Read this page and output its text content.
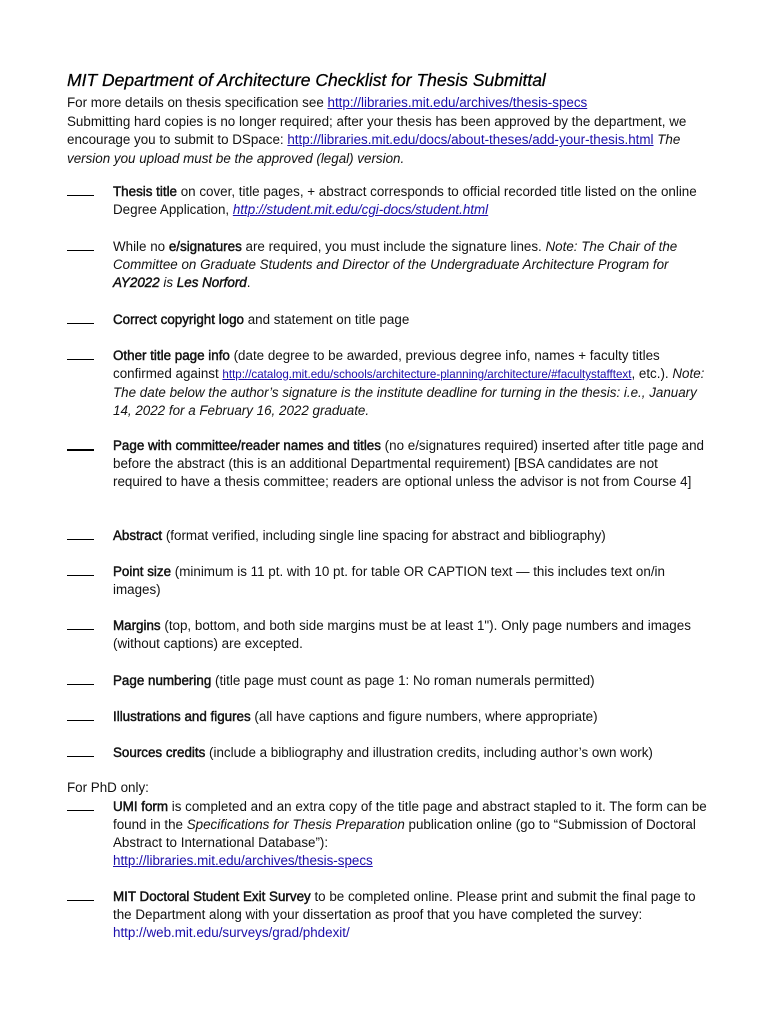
MIT Department of Architecture Checklist for Thesis Submittal
For more details on thesis specification see http://libraries.mit.edu/archives/thesis-specs
Submitting hard copies is no longer required; after your thesis has been approved by the department, we encourage you to submit to DSpace: http://libraries.mit.edu/docs/about-theses/add-your-thesis.html The version you upload must be the approved (legal) version.
Thesis title on cover, title pages, + abstract corresponds to official recorded title listed on the online Degree Application, http://student.mit.edu/cgi-docs/student.html
While no e/signatures are required, you must include the signature lines. Note: The Chair of the Committee on Graduate Students and Director of the Undergraduate Architecture Program for AY2022 is Les Norford.
Correct copyright logo and statement on title page
Other title page info (date degree to be awarded, previous degree info, names + faculty titles confirmed against http://catalog.mit.edu/schools/architecture-planning/architecture/#facultystafftext, etc.). Note: The date below the author’s signature is the institute deadline for turning in the thesis: i.e., January 14, 2022 for a February 16, 2022 graduate.
Page with committee/reader names and titles (no e/signatures required) inserted after title page and before the abstract (this is an additional Departmental requirement) [BSA candidates are not required to have a thesis committee; readers are optional unless the advisor is not from Course 4]
Abstract (format verified, including single line spacing for abstract and bibliography)
Point size (minimum is 11 pt. with 10 pt. for table OR CAPTION text — this includes text on/in images)
Margins (top, bottom, and both side margins must be at least 1"). Only page numbers and images (without captions) are excepted.
Page numbering (title page must count as page 1: No roman numerals permitted)
Illustrations and figures (all have captions and figure numbers, where appropriate)
Sources credits (include a bibliography and illustration credits, including author’s own work)
For PhD only:
UMI form is completed and an extra copy of the title page and abstract stapled to it. The form can be found in the Specifications for Thesis Preparation publication online (go to “Submission of Doctoral Abstract to International Database”):
http://libraries.mit.edu/archives/thesis-specs
MIT Doctoral Student Exit Survey to be completed online. Please print and submit the final page to the Department along with your dissertation as proof that you have completed the survey: http://web.mit.edu/surveys/grad/phdexit/
